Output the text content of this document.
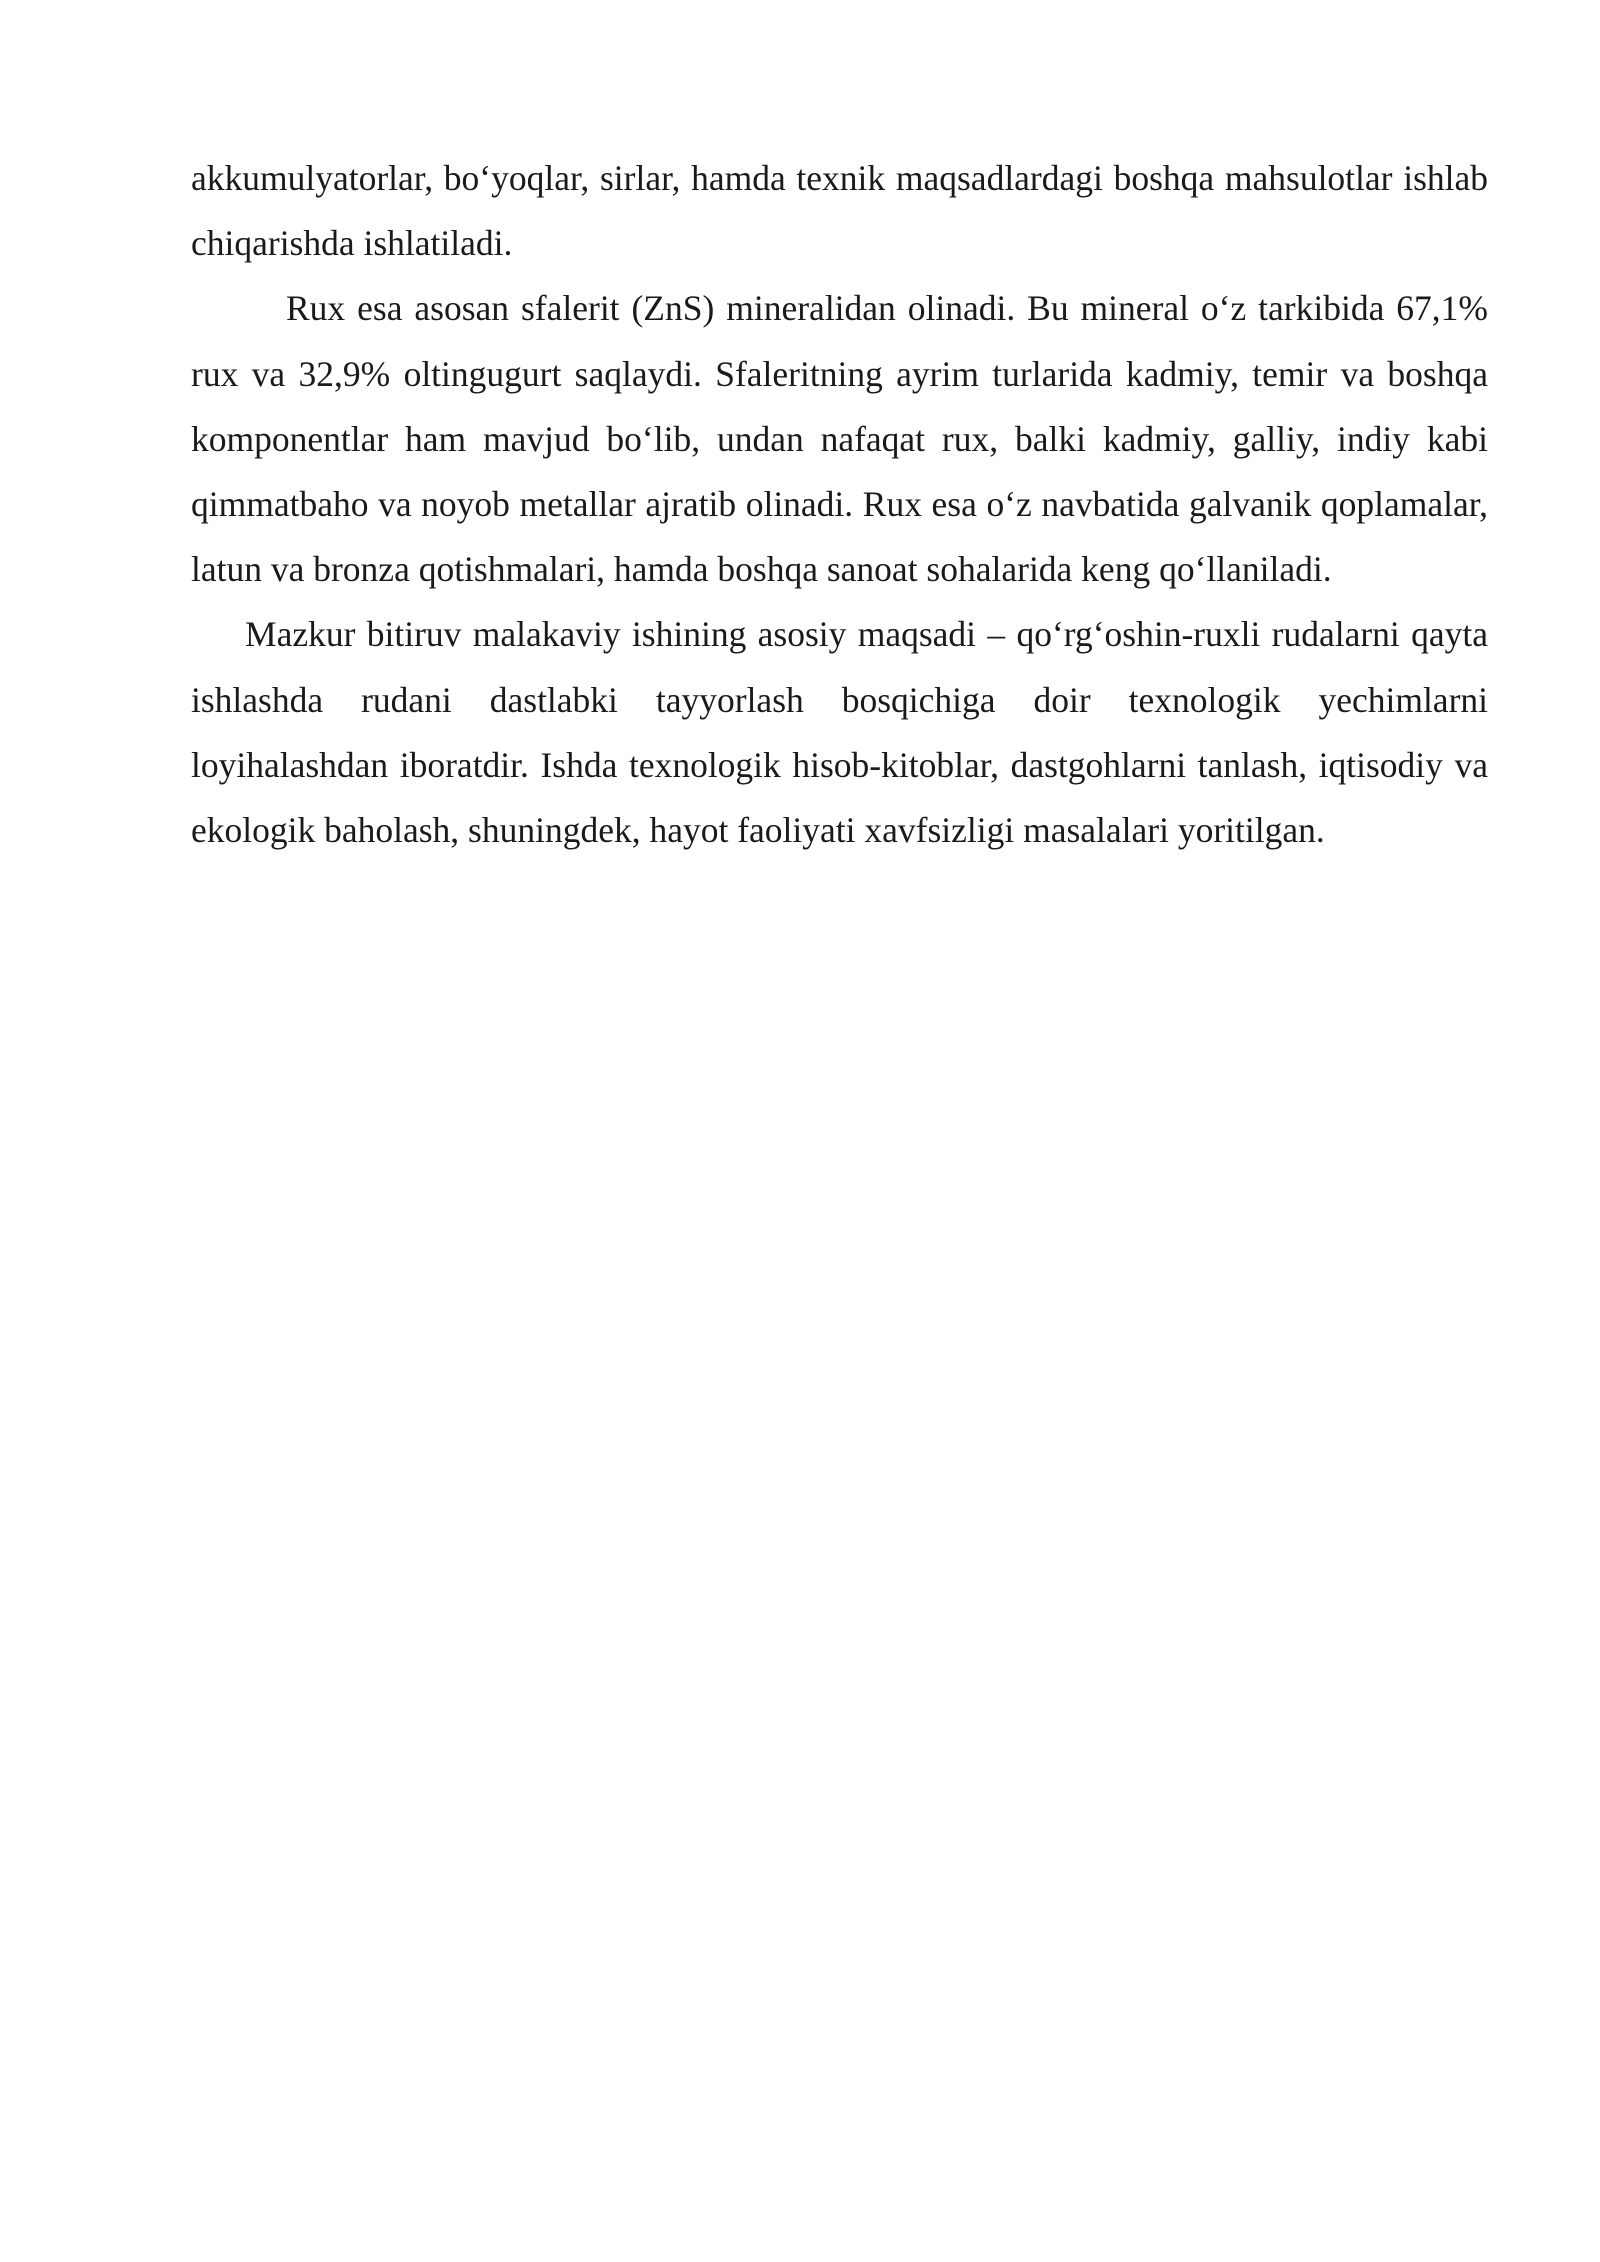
akkumulyatorlar, bo‘yoqlar, sirlar, hamda texnik maqsadlardagi boshqa mahsulotlar ishlab chiqarishda ishlatiladi.

Rux esa asosan sfalerit (ZnS) mineralidan olinadi. Bu mineral o‘z tarkibida 67,1% rux va 32,9% oltingugurt saqlaydi. Sfaleritning ayrim turlarida kadmiy, temir va boshqa komponentlar ham mavjud bo‘lib, undan nafaqat rux, balki kadmiy, galliy, indiy kabi qimmatbaho va noyob metallar ajratib olinadi. Rux esa o‘z navbatida galvanik qoplamalar, latun va bronza qotishmalari, hamda boshqa sanoat sohalarida keng qo‘llaniladi.

Mazkur bitiruv malakaviy ishining asosiy maqsadi – qo‘rg‘oshin-ruxli rudalarni qayta ishlashda rudani dastlabki tayyorlash bosqichiga doir texnologik yechimlarni loyihalashdan iboratdir. Ishda texnologik hisob-kitoblar, dastgohlarni tanlash, iqtisodiy va ekologik baholash, shuningdek, hayot faoliyati xavfsizligi masalalari yoritilgan.
